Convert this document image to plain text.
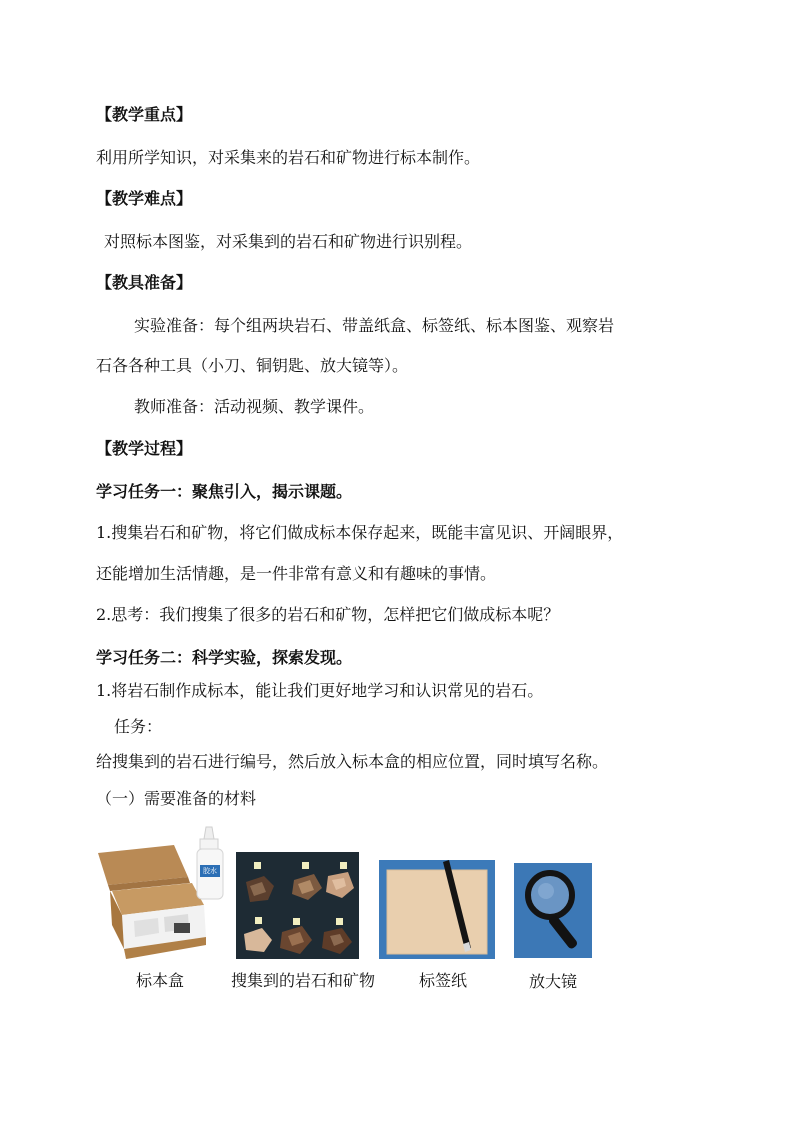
【教学重点】
利用所学知识，对采集来的岩石和矿物进行标本制作。
【教学难点】
对照标本图鉴，对采集到的岩石和矿物进行识别程。
【教具准备】
实验准备：每个组两块岩石、带盖纸盒、标签纸、标本图鉴、观察岩
石各各种工具（小刀、铜钥匙、放大镜等）。
教师准备：活动视频、教学课件。
【教学过程】
学习任务一：聚焦引入，揭示课题。
1.搜集岩石和矿物，将它们做成标本保存起来，既能丰富见识、开阔眼界，
还能增加生活情趣，是一件非常有意义和有趣味的事情。
2.思考：我们搜集了很多的岩石和矿物，怎样把它们做成标本呢？
学习任务二：科学实验，探索发现。
1.将岩石制作成标本，能让我们更好地学习和认识常见的岩石。
任务：
给搜集到的岩石进行编号，然后放入标本盒的相应位置，同时填写名称。
（一）需要准备的材料
胶水
标本盒	搜集到的岩石和矿物	标签纸	放大镜
